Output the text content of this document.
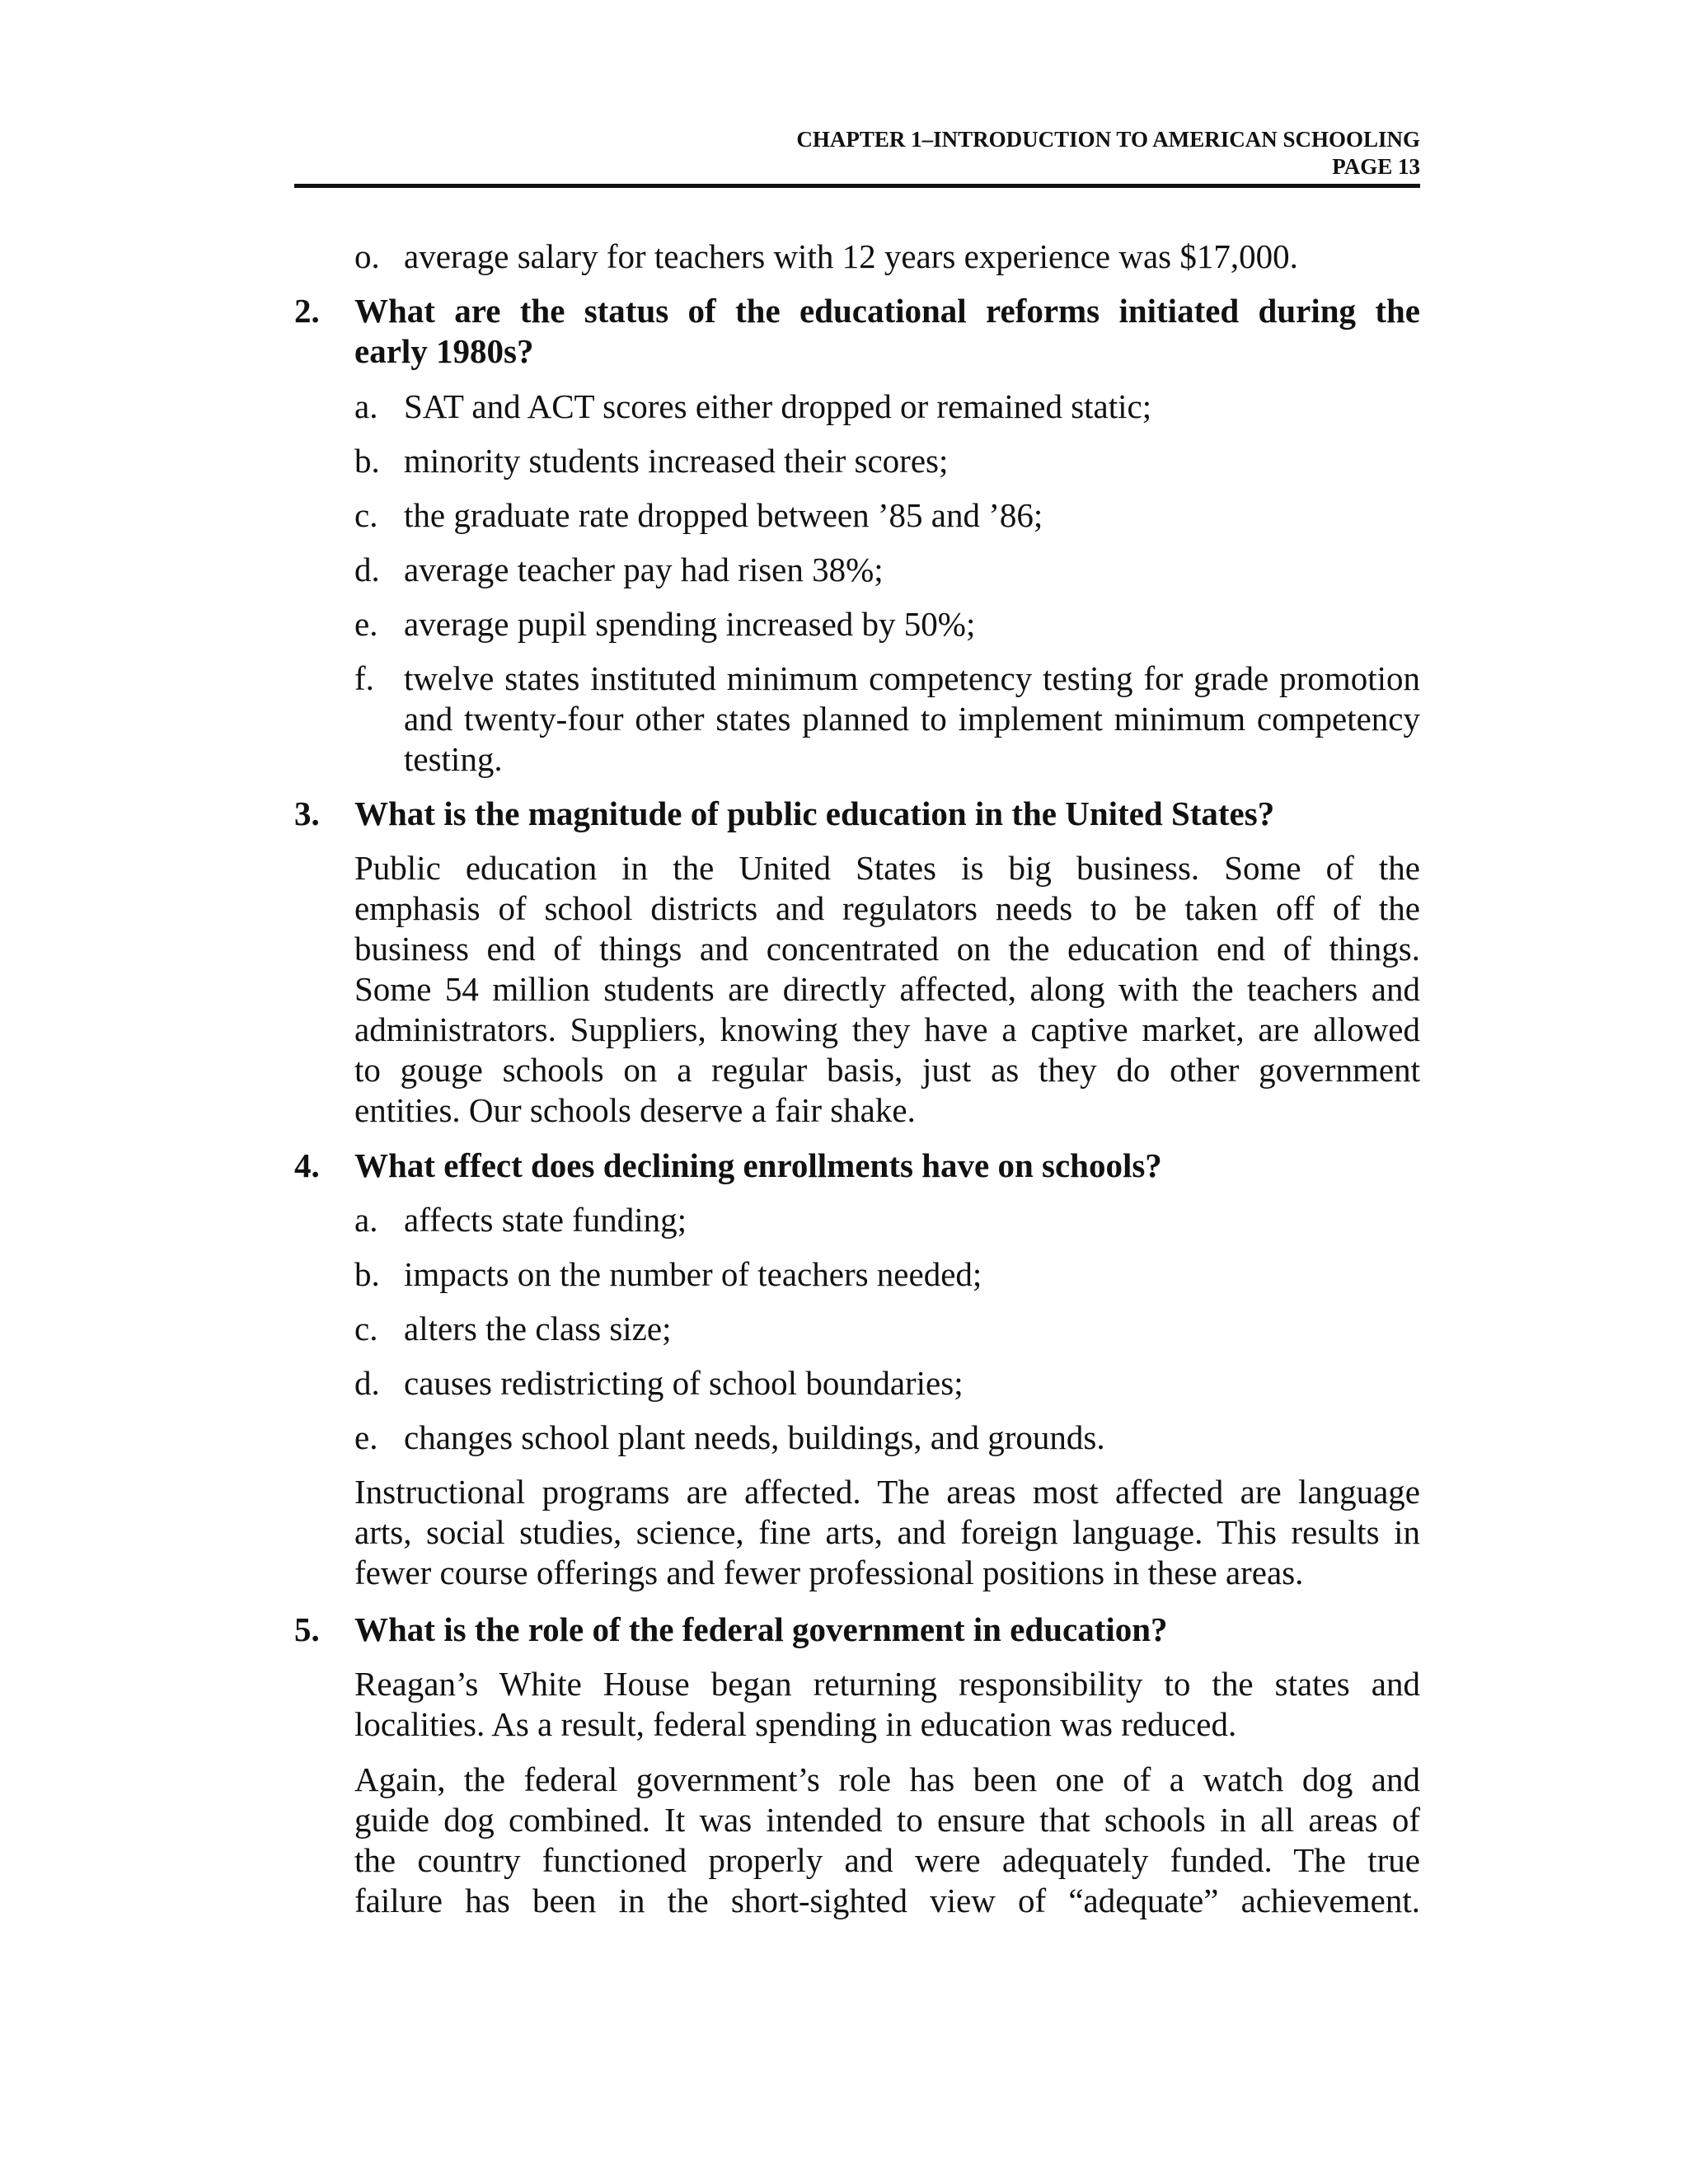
CHAPTER 1–INTRODUCTION TO AMERICAN SCHOOLING
PAGE 13
o. average salary for teachers with 12 years experience was $17,000.
2. What are the status of the educational reforms initiated during the
early 1980s?
a. SAT and ACT scores either dropped or remained static;
b. minority students increased their scores;
c. the graduate rate dropped between ’85 and ’86;
d. average teacher pay had risen 38%;
e. average pupil spending increased by 50%;
f. twelve states instituted minimum competency testing for grade promotion
and twenty-four other states planned to implement minimum competency
testing.
3. What is the magnitude of public education in the United States?
Public education in the United States is big business. Some of the
emphasis of school districts and regulators needs to be taken off of the
business end of things and concentrated on the education end of things.
Some 54 million students are directly affected, along with the teachers and
administrators. Suppliers, knowing they have a captive market, are allowed
to gouge schools on a regular basis, just as they do other government
entities. Our schools deserve a fair shake.
4. What effect does declining enrollments have on schools?
a. affects state funding;
b. impacts on the number of teachers needed;
c. alters the class size;
d. causes redistricting of school boundaries;
e. changes school plant needs, buildings, and grounds.
Instructional programs are affected. The areas most affected are language
arts, social studies, science, fine arts, and foreign language. This results in
fewer course offerings and fewer professional positions in these areas.
5. What is the role of the federal government in education?
Reagan’s White House began returning responsibility to the states and
localities. As a result, federal spending in education was reduced.
Again, the federal government’s role has been one of a watch dog and
guide dog combined. It was intended to ensure that schools in all areas of
the country functioned properly and were adequately funded. The true
failure has been in the short-sighted view of “adequate” achievement.
